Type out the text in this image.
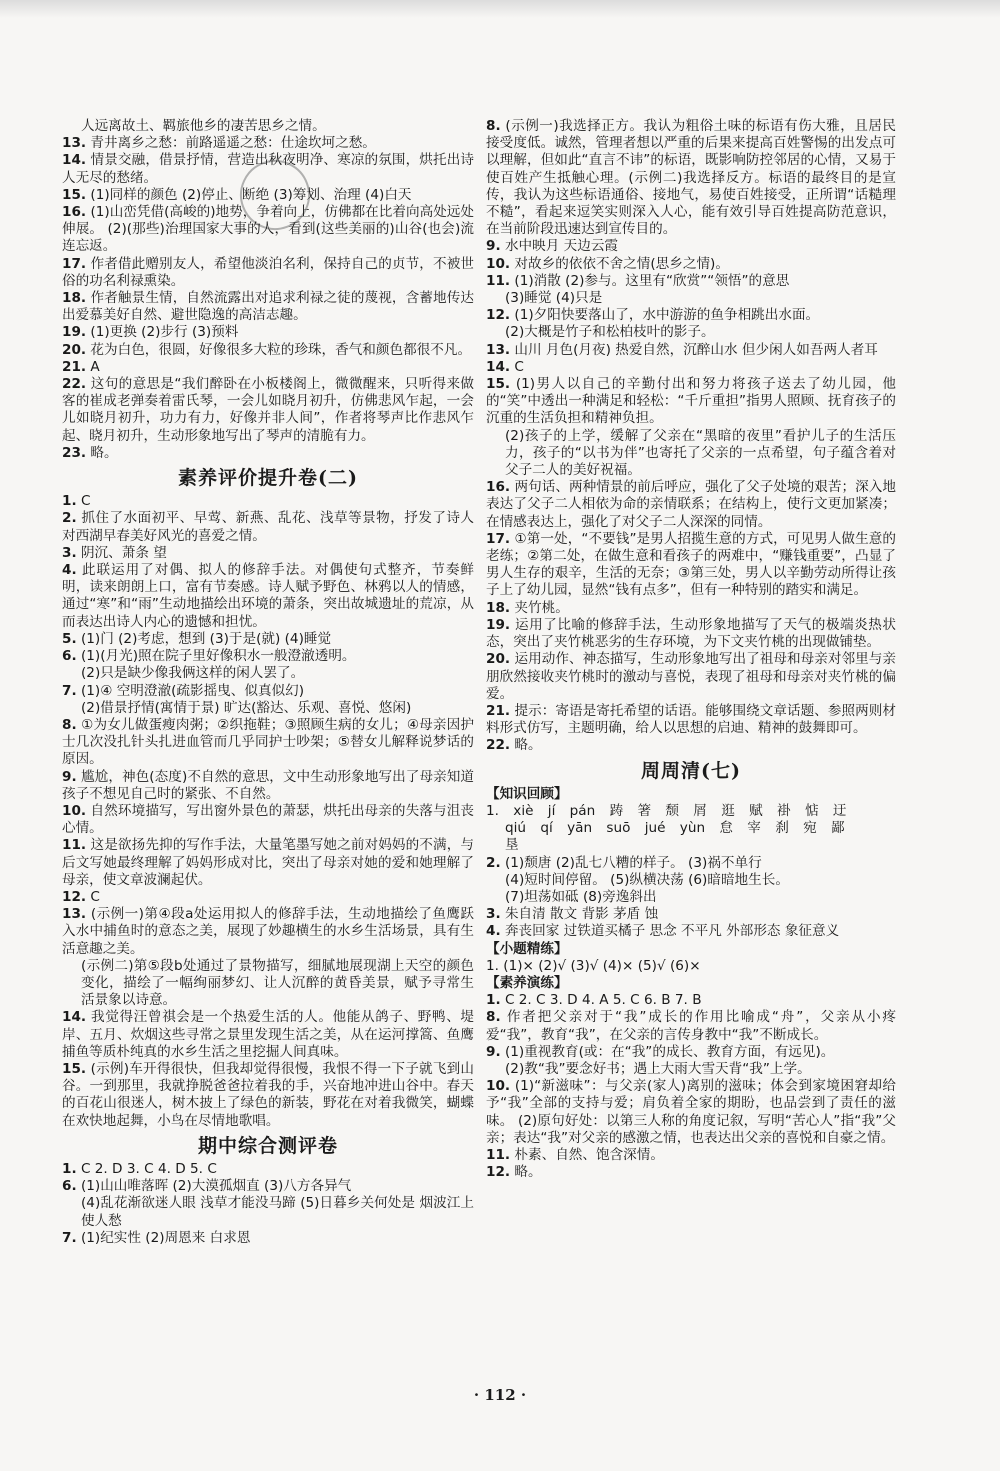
人远离故土、羁旅他乡的凄苦思乡之情。

13. 青井离乡之愁：前路遥遥之愁：仕途坎坷之愁。

14. 情景交融，借景抒情，营造出秋夜明净、寒凉的氛围，烘托出诗人无尽的愁绪。

15. (1)同样的颜色 (2)停止、断绝 (3)筹划、治理 (4)白天

16. (1)山峦凭借(高峻的)地势，争着向上，仿佛都在比着向高处远处伸展。 (2)(那些)治理国家大事的人，看到(这些美丽的)山谷(也会)流连忘返。

17. 作者借此赠别友人，希望他淡泊名利，保持自己的贞节，不被世俗的功名利禄熏染。

18. 作者触景生情，自然流露出对追求利禄之徒的蔑视，含蓄地传达出爱慕美好自然、避世隐逸的高洁志趣。

19. (1)更换 (2)步行 (3)预料

20. 花为白色，很圆，好像很多大粒的珍珠，香气和颜色都很不凡。

21. A

22. 这句的意思是“我们醉卧在小板楼阁上，微微醒来，只听得来做客的崔成老弹奏着雷氏琴，一会儿如晓月初升，仿佛悲风乍起，一会儿如晓月初升，功力有力，好像并非人间”，作者将琴声比作悲风乍起、晓月初升，生动形象地写出了琴声的清脆有力。

23. 略。

素养评价提升卷(二)

1. C

2. 抓住了水面初平、早莺、新燕、乱花、浅草等景物，抒发了诗人对西湖早春美好风光的喜爱之情。

3. 阴沉、萧条 望

4. 此联运用了对偶、拟人的修辞手法。对偶使句式整齐，节奏鲜明，读来朗朗上口，富有节奏感。诗人赋予野色、林鸦以人的情感，通过“寒”和“雨”生动地描绘出环境的萧条，突出故城遗址的荒凉，从而表达出诗人内心的遗憾和担忧。

5. (1)门 (2)考虑，想到 (3)于是(就) (4)睡觉

6. (1)(月光)照在院子里好像积水一般澄澈透明。

(2)只是缺少像我俩这样的闲人罢了。

7. (1)④ 空明澄澈(疏影摇曳、似真似幻)

(2)借景抒情(寓情于景) 旷达(豁达、乐观、喜悦、悠闲)

8. ①为女儿做蛋瘦肉粥；②织拖鞋；③照顾生病的女儿；④母亲因护士几次没扎针头扎进血管而几乎同护士吵架；⑤替女儿解释说梦话的原因。

9. 尴尬，神色(态度)不自然的意思，文中生动形象地写出了母亲知道孩子不想见自己时的紧张、不自然。

10. 自然环境描写，写出窗外景色的萧瑟，烘托出母亲的失落与沮丧心情。

11. 这是欲扬先抑的写作手法，大量笔墨写她之前对妈妈的不满，与后文写她最终理解了妈妈形成对比，突出了母亲对她的爱和她理解了母亲，使文章波澜起伏。

12. C

13. (示例一)第④段a处运用拟人的修辞手法，生动地描绘了鱼鹰跃入水中捕鱼时的意态之美，展现了妙趣横生的水乡生活场景，具有生活意趣之美。

(示例二)第⑤段b处通过了景物描写，细腻地展现湖上天空的颜色变化，描绘了一幅绚丽梦幻、让人沉醉的黄昏美景，赋予寻常生活景象以诗意。

14. 我觉得汪曾祺会是一个热爱生活的人。他能从鸽子、野鸭、堤岸、五月、炊烟这些寻常之景里发现生活之美，从在运河撑篙、鱼鹰捕鱼等质朴纯真的水乡生活之里挖掘人间真味。

15. (示例)车开得很快，但我却觉得很慢，我恨不得一下子就飞到山谷。一到那里，我就挣脱爸爸拉着我的手，兴奋地冲进山谷中。春天的百花山很迷人，树木披上了绿色的新装，野花在对着我微笑，蝴蝶在欢快地起舞，小鸟在尽情地歌唱。

期中综合测评卷

1. C 2. D 3. C 4. D 5. C

6. (1)山山唯落晖 (2)大漠孤烟直 (3)八方各异气

(4)乱花渐欲迷人眼 浅草才能没马蹄 (5)日暮乡关何处是 烟波江上使人愁

7. (1)纪实性 (2)周恩来 白求恩

8. (示例一)我选择正方。我认为粗俗土味的标语有伤大雅，且居民接受度低。诚然，管理者想以严重的后果来提高百姓警惕的出发点可以理解，但如此“直言不讳”的标语，既影响防控邻居的心情，又易于使百姓产生抵触心理。(示例二)我选择反方。标语的最终目的是宣传，我认为这些标语通俗、接地气，易使百姓接受，正所谓“话糙理不糙”，看起来逗笑实则深入人心，能有效引导百姓提高防范意识，在当前阶段迅速达到宣传目的。

9. 水中映月 天边云霞

10. 对故乡的依依不舍之情(思乡之情)。

11. (1)消散 (2)参与。这里有“欣赏”“领悟”的意思

(3)睡觉 (4)只是

12. (1)夕阳快要落山了，水中游游的鱼争相跳出水面。

(2)大概是竹子和松柏枝叶的影子。

13. 山川 月色(月夜) 热爱自然，沉醉山水 但少闲人如吾两人者耳

14. C

15. (1)男人以自己的辛勤付出和努力将孩子送去了幼儿园，他的“笑”中透出一种满足和轻松：“千斤重担”指男人照顾、抚育孩子的沉重的生活负担和精神负担。

(2)孩子的上学，缓解了父亲在“黑暗的夜里”看护儿子的生活压力，孩子的“以书为伴”也寄托了父亲的一点希望，句子蕴含着对父子二人的美好祝福。

16. 两句话、两种情景的前后呼应，强化了父子处境的艰苦；深入地表达了父子二人相依为命的亲情联系；在结构上，使行文更加紧凑；在情感表达上，强化了对父子二人深深的同情。

17. ①第一处，“不要钱”是男人招揽生意的方式，可见男人做生意的老练；②第二处，在做生意和看孩子的两难中，“赚钱重要”，凸显了男人生存的艰辛，生活的无奈；③第三处，男人以辛勤劳动所得让孩子上了幼儿园，显然“钱有点多”，但有一种特别的踏实和满足。

18. 夹竹桃。

19. 运用了比喻的修辞手法，生动形象地描写了天气的极端炎热状态，突出了夹竹桃恶劣的生存环境，为下文夹竹桃的出现做铺垫。

20. 运用动作、神态描写，生动形象地写出了祖母和母亲对邻里与亲朋欣然接收夹竹桃时的激动与喜悦，表现了祖母和母亲对夹竹桃的偏爱。

21. 提示：寄语是寄托希望的话语。能够围绕文章话题、参照两则材料形式仿写，主题明确，给人以思想的启迪、精神的鼓舞即可。

22. 略。

周周清(七)
【知识回顾】
1. xiè jí pán 踌 箸 颓 屑 逛 赋 褂 惦 迂
qiú qí yān suō jué yùn 怠 宰 刹 宛 鄙
垦

2. (1)颓唐 (2)乱七八糟的样子。 (3)祸不单行

(4)短时间停留。 (5)纵横决荡 (6)暗暗地生长。

(7)坦荡如砥 (8)旁逸斜出

3. 朱自清 散文 背影 茅盾 蚀

4. 奔丧回家 过铁道买橘子 思念 不平凡 外部形态 象征意义

【小题精练】
1. (1)× (2)√ (3)√ (4)× (5)√ (6)×
【素养演练】

1. C 2. C 3. D 4. A 5. C 6. B 7. B

8. 作者把父亲对于“我”成长的作用比喻成“舟”，父亲从小疼爱“我”，教育“我”，在父亲的言传身教中“我”不断成长。

9. (1)重视教育(或：在“我”的成长、教育方面，有远见)。

(2)教“我”要念好书；遇上大雨大雪天背“我”上学。

10. (1)“新滋味”：与父亲(家人)离别的滋味；体会到家境困窘却给予“我”全部的支持与爱；肩负着全家的期盼，也品尝到了责任的滋味。 (2)原句好处：以第三人称的角度记叙，写明“苦心人”指“我”父亲；表达“我”对父亲的感激之情，也表达出父亲的喜悦和自豪之情。

11. 朴素、自然、饱含深情。

12. 略。

· 112 ·
